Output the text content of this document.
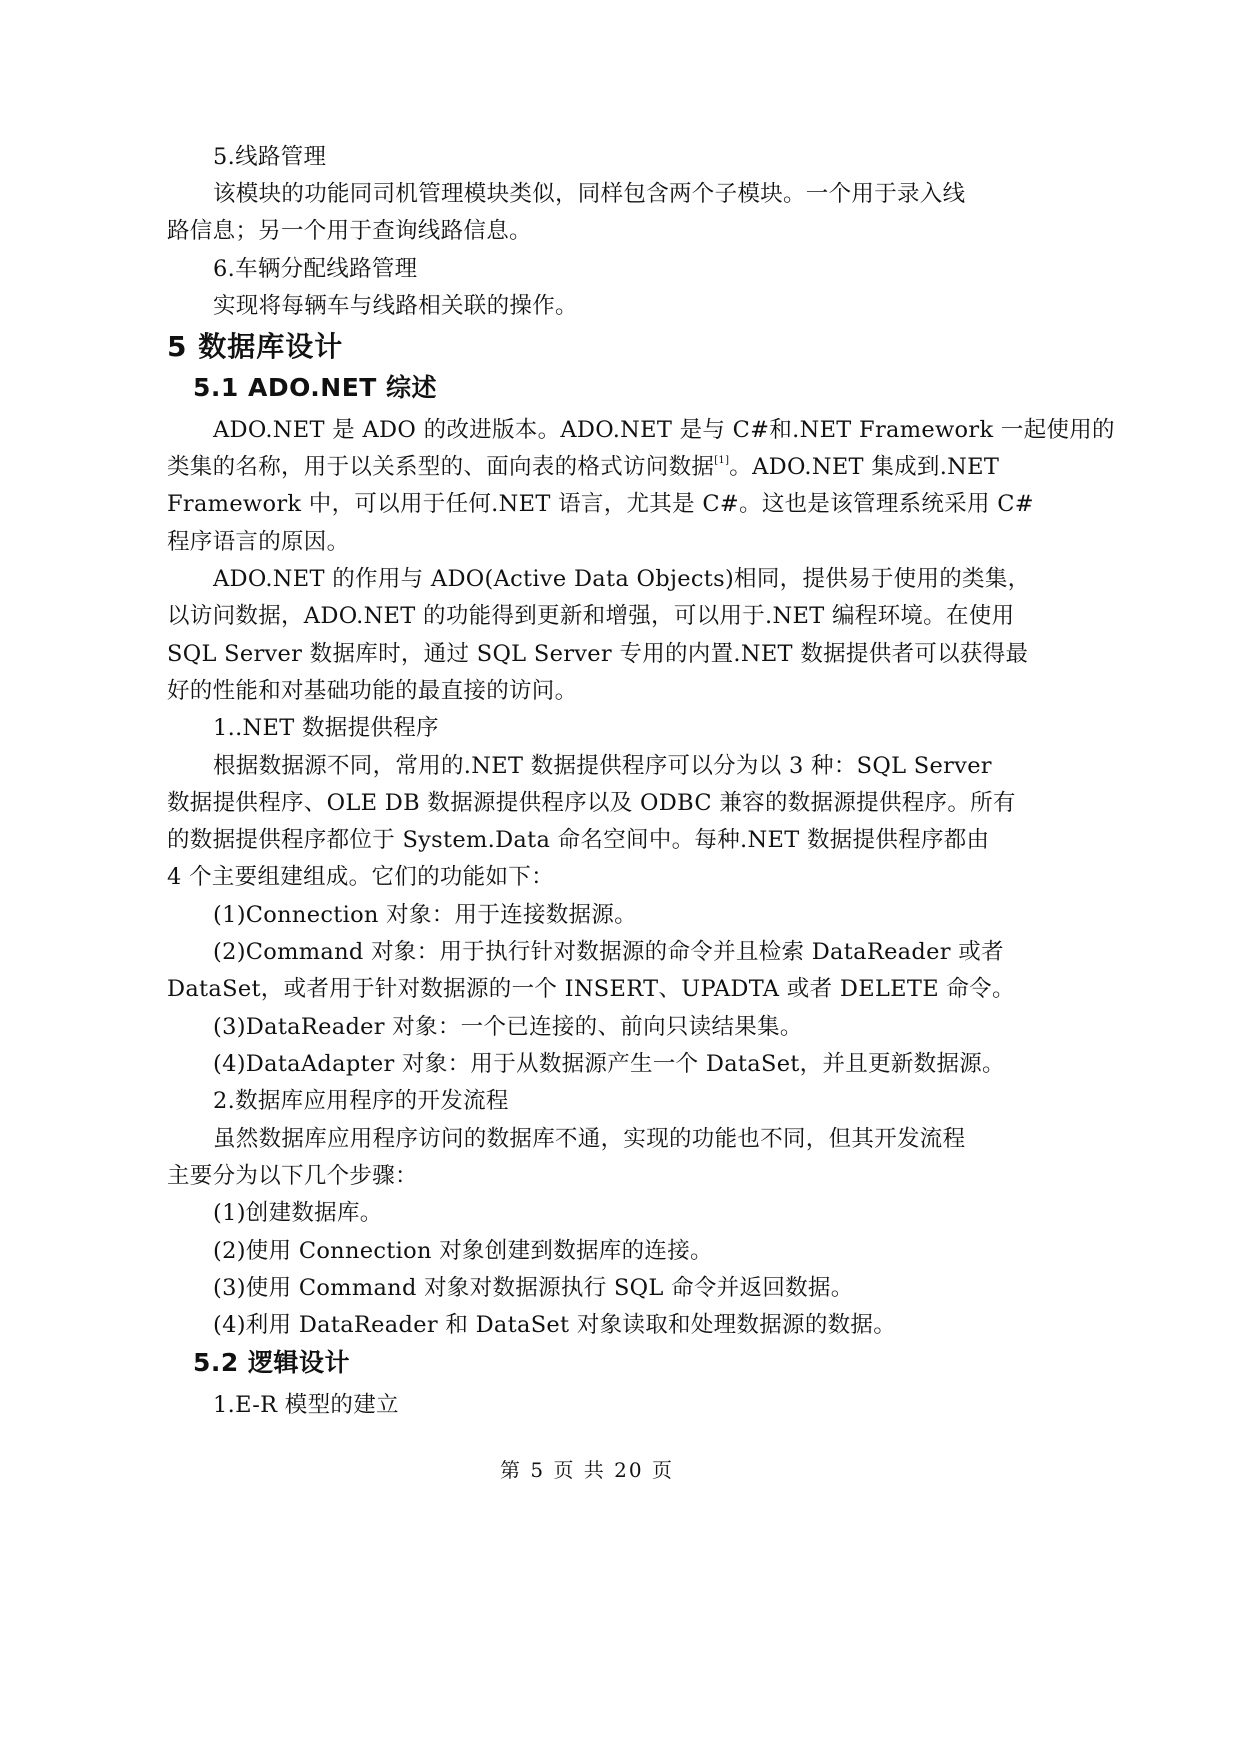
5.线路管理
该模块的功能同司机管理模块类似，同样包含两个子模块。一个用于录入线
路信息；另一个用于查询线路信息。
6.车辆分配线路管理
实现将每辆车与线路相关联的操作。
5 数据库设计
5.1 ADO.NET 综述
ADO.NET 是 ADO 的改进版本。ADO.NET 是与 C#和.NET Framework 一起使用的
类集的名称，用于以关系型的、面向表的格式访问数据[1]。ADO.NET 集成到.NET
Framework 中，可以用于任何.NET 语言，尤其是 C#。这也是该管理系统采用 C#
程序语言的原因。
ADO.NET 的作用与 ADO(Active Data Objects)相同，提供易于使用的类集，
以访问数据，ADO.NET 的功能得到更新和增强，可以用于.NET 编程环境。在使用
SQL Server 数据库时，通过 SQL Server 专用的内置.NET 数据提供者可以获得最
好的性能和对基础功能的最直接的访问。
1..NET 数据提供程序
根据数据源不同，常用的.NET 数据提供程序可以分为以 3 种：SQL Server
数据提供程序、OLE DB 数据源提供程序以及 ODBC 兼容的数据源提供程序。所有
的数据提供程序都位于 System.Data 命名空间中。每种.NET 数据提供程序都由
4 个主要组建组成。它们的功能如下：
(1)Connection 对象：用于连接数据源。
(2)Command 对象：用于执行针对数据源的命令并且检索 DataReader 或者
DataSet，或者用于针对数据源的一个 INSERT、UPADTA 或者 DELETE 命令。
(3)DataReader 对象：一个已连接的、前向只读结果集。
(4)DataAdapter 对象：用于从数据源产生一个 DataSet，并且更新数据源。
2.数据库应用程序的开发流程
虽然数据库应用程序访问的数据库不通，实现的功能也不同，但其开发流程
主要分为以下几个步骤：
(1)创建数据库。
(2)使用 Connection 对象创建到数据库的连接。
(3)使用 Command 对象对数据源执行 SQL 命令并返回数据。
(4)利用 DataReader 和 DataSet 对象读取和处理数据源的数据。
5.2 逻辑设计
1.E-R 模型的建立
第 5 页 共 20 页
